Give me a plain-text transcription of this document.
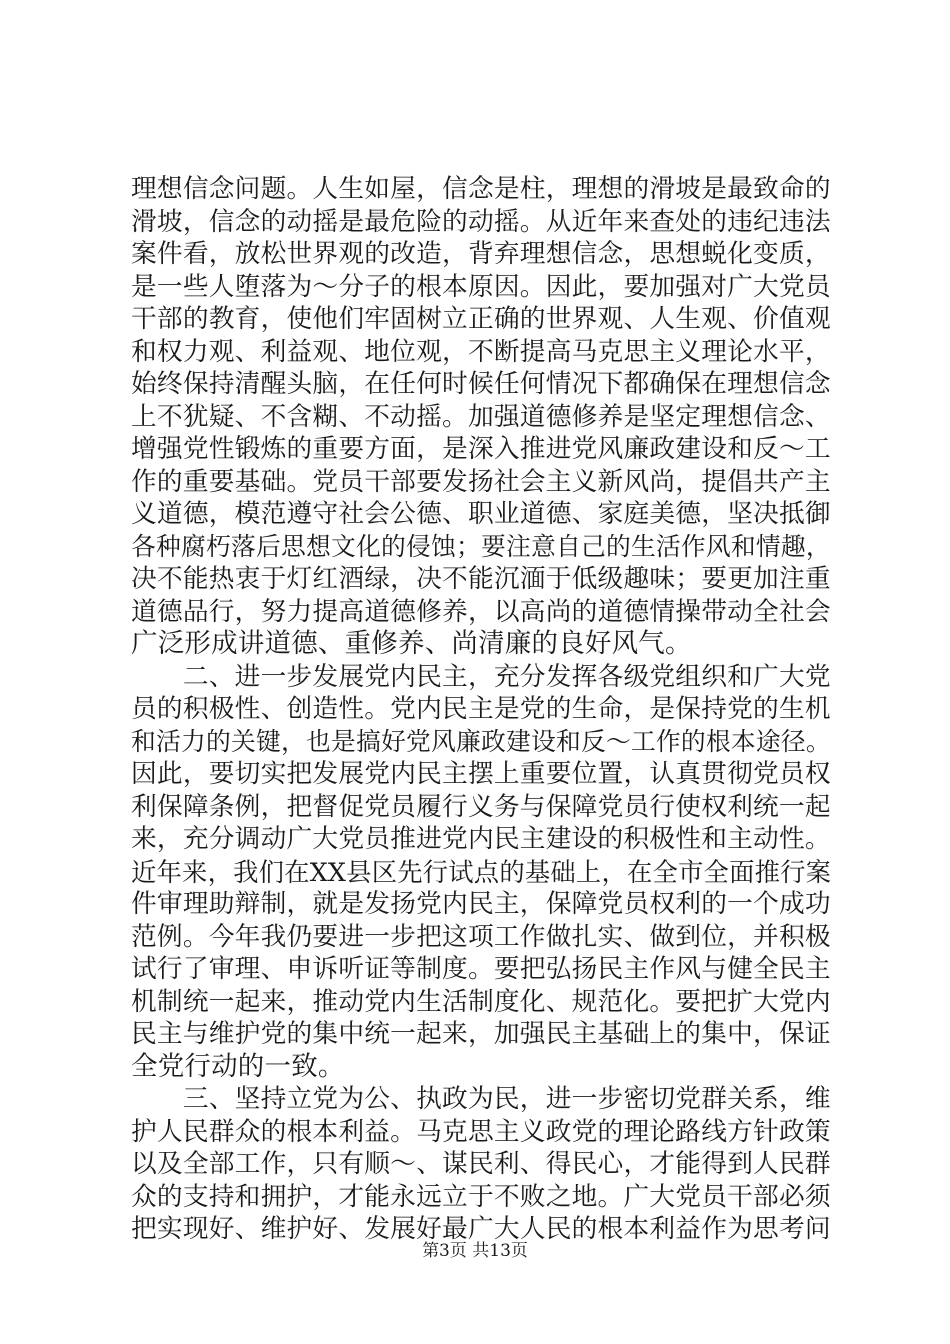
理想信念问题。人生如屋，信念是柱，理想的滑坡是最致命的
滑坡，信念的动摇是最危险的动摇。从近年来查处的违纪违法
案件看，放松世界观的改造，背弃理想信念，思想蜕化变质，
是一些人堕落为～分子的根本原因。因此，要加强对广大党员
干部的教育，使他们牢固树立正确的世界观、人生观、价值观
和权力观、利益观、地位观，不断提高马克思主义理论水平，
始终保持清醒头脑，在任何时候任何情况下都确保在理想信念
上不犹疑、不含糊、不动摇。加强道德修养是坚定理想信念、
增强党性锻炼的重要方面，是深入推进党风廉政建设和反～工
作的重要基础。党员干部要发扬社会主义新风尚，提倡共产主
义道德，模范遵守社会公德、职业道德、家庭美德，坚决抵御
各种腐朽落后思想文化的侵蚀；要注意自己的生活作风和情趣，
决不能热衷于灯红酒绿，决不能沉湎于低级趣味；要更加注重
道德品行，努力提高道德修养，以高尚的道德情操带动全社会
广泛形成讲道德、重修养、尚清廉的良好风气。
　　二、进一步发展党内民主，充分发挥各级党组织和广大党
员的积极性、创造性。党内民主是党的生命，是保持党的生机
和活力的关键，也是搞好党风廉政建设和反～工作的根本途径。
因此，要切实把发展党内民主摆上重要位置，认真贯彻党员权
利保障条例，把督促党员履行义务与保障党员行使权利统一起
来，充分调动广大党员推进党内民主建设的积极性和主动性。
近年来，我们在XX县区先行试点的基础上，在全市全面推行案
件审理助辩制，就是发扬党内民主，保障党员权利的一个成功
范例。今年我仍要进一步把这项工作做扎实、做到位，并积极
试行了审理、申诉听证等制度。要把弘扬民主作风与健全民主
机制统一起来，推动党内生活制度化、规范化。要把扩大党内
民主与维护党的集中统一起来，加强民主基础上的集中，保证
全党行动的一致。
　　三、坚持立党为公、执政为民，进一步密切党群关系，维
护人民群众的根本利益。马克思主义政党的理论路线方针政策
以及全部工作，只有顺～、谋民利、得民心，才能得到人民群
众的支持和拥护，才能永远立于不败之地。广大党员干部必须
把实现好、维护好、发展好最广大人民的根本利益作为思考问
第3页 共13页
